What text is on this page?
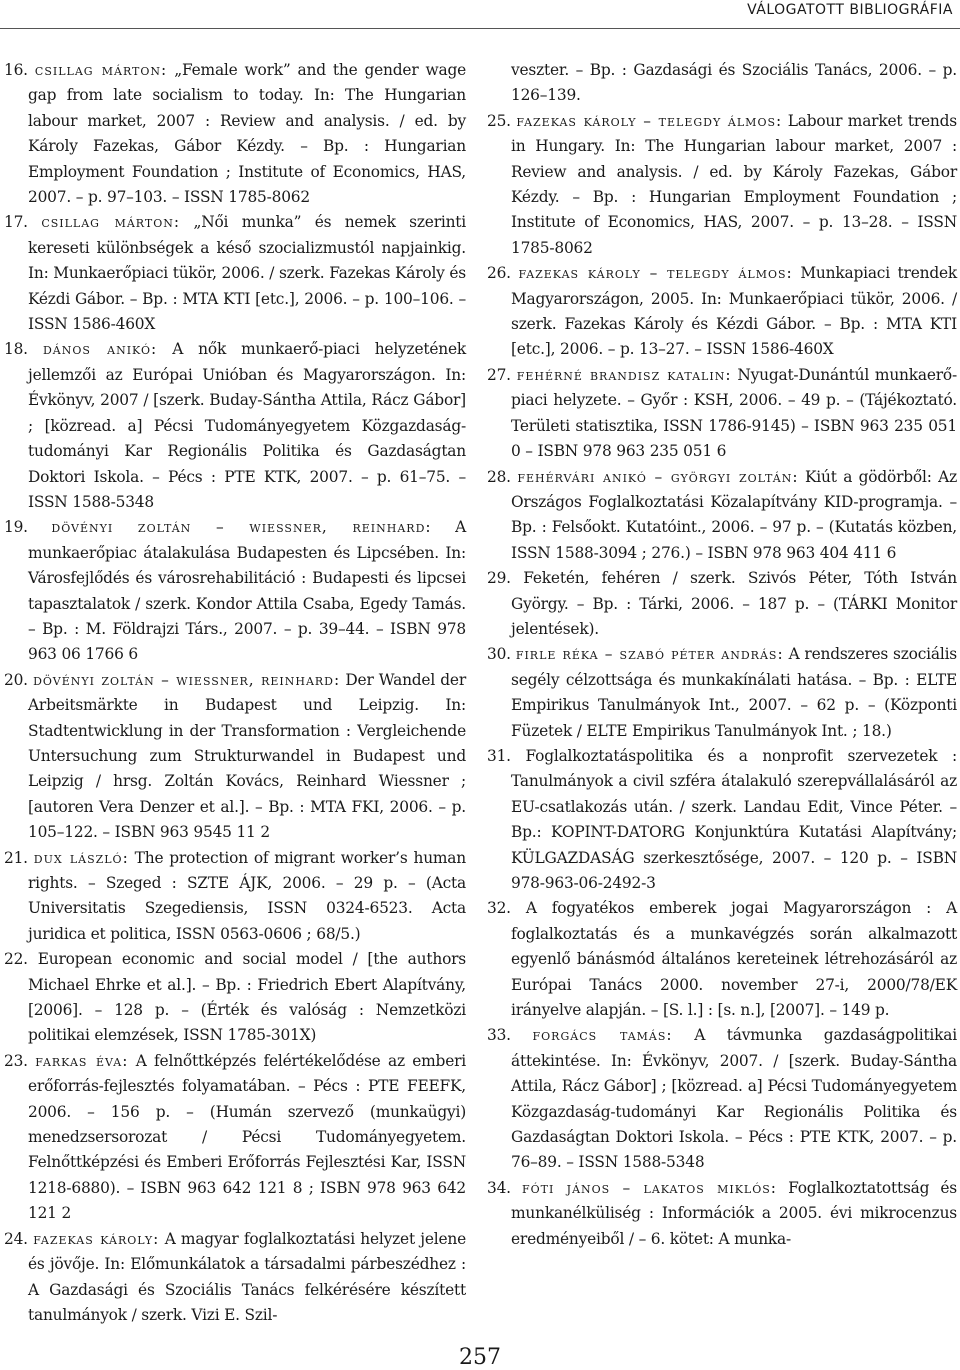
VÁLOGATOTT BIBLIOGRÁFIA

16. csillag márton: „Female work” and the gender wage gap from late socialism to today. In: The Hungarian labour market, 2007 : Review and analysis. / ed. by Károly Fazekas, Gábor Kézdy. – Bp. : Hungarian Employment Foundation ; Institute of Economics, HAS, 2007. – p. 97–103. – ISSN 1785-8062

17. csillag márton: „Női munka” és nemek szerinti kereseti különbségek a késő szocializmustól napjainkig. In: Munkaerőpiaci tükör, 2006. / szerk. Fazekas Károly és Kézdi Gábor. – Bp. : MTA KTI [etc.], 2006. – p. 100–106. – ISSN 1586-460X

18. dános anikó: A nők munkaerő-piaci helyzetének jellemzői az Európai Unióban és Magyarországon. In: Évkönyv, 2007 / [szerk. Buday-Sántha Attila, Rácz Gábor] ; [közread. a] Pécsi Tudományegyetem Közgazdaság-tudományi Kar Regionális Politika és Gazdaságtan Doktori Iskola. – Pécs : PTE KTK, 2007. – p. 61–75. – ISSN 1588-5348

19. dövényi zoltán – wiessner, reinhard: A munkaerőpiac átalakulása Budapesten és Lipcsében. In: Városfejlődés és városrehabilitáció : Budapesti és lipcsei tapasztalatok / szerk. Kondor Attila Csaba, Egedy Tamás. – Bp. : M. Földrajzi Társ., 2007. – p. 39–44. – ISBN 978 963 06 1766 6

20. dövényi zoltán – wiessner, reinhard: Der Wandel der Arbeitsmärkte in Budapest und Leipzig. In: Stadtentwicklung in der Transformation : Vergleichende Untersuchung zum Strukturwandel in Budapest und Leipzig / hrsg. Zoltán Kovács, Reinhard Wiessner ; [autoren Vera Denzer et al.]. – Bp. : MTA FKI, 2006. – p. 105–122. – ISBN 963 9545 11 2

21. dux lászló: The protection of migrant worker’s human rights. – Szeged : SZTE ÁJK, 2006. – 29 p. – (Acta Universitatis Szegediensis, ISSN 0324-6523. Acta juridica et politica, ISSN 0563-0606 ; 68/5.)

22. European economic and social model / [the authors Michael Ehrke et al.]. – Bp. : Friedrich Ebert Alapítvány, [2006]. – 128 p. – (Érték és valóság : Nemzetközi politikai elemzések, ISSN 1785-301X)

23. farkas éva: A felnőttképzés felértékelődése az emberi erőforrás-fejlesztés folyamatában. – Pécs : PTE FEEFK, 2006. – 156 p. – (Humán szervező (munkaügyi) menedzsersorozat / Pécsi Tudományegyetem. Felnőttképzési és Emberi Erőforrás Fejlesztési Kar, ISSN 1218-6880). – ISBN 963 642 121 8 ; ISBN 978 963 642 121 2

24. fazekas károly: A magyar foglalkoztatási helyzet jelene és jövője. In: Előmunkálatok a társadalmi párbeszédhez : A Gazdasági és Szociális Tanács felkérésére készített tanulmányok / szerk. Vizi E. Szil-

veszter. – Bp. : Gazdasági és Szociális Tanács, 2006. – p. 126–139.

25. fazekas károly – telegdy álmos: Labour market trends in Hungary. In: The Hungarian labour market, 2007 : Review and analysis. / ed. by Károly Fazekas, Gábor Kézdy. – Bp. : Hungarian Employment Foundation ; Institute of Economics, HAS, 2007. – p. 13–28. – ISSN 1785-8062

26. fazekas károly – telegdy álmos: Munkapiaci trendek Magyarországon, 2005. In: Munkaerőpiaci tükör, 2006. / szerk. Fazekas Károly és Kézdi Gábor. – Bp. : MTA KTI [etc.], 2006. – p. 13–27. – ISSN 1586-460X

27. fehérné brandisz katalin: Nyugat-Dunántúl munkaerő-piaci helyzete. – Győr : KSH, 2006. – 49 p. – (Tájékoztató. Területi statisztika, ISSN 1786-9145) – ISBN 963 235 051 0 – ISBN 978 963 235 051 6

28. fehérvári anikó – györgyi zoltán: Kiút a gödörből: Az Országos Foglalkoztatási Közalapítvány KID-programja. – Bp. : Felsőokt. Kutatóint., 2006. – 97 p. – (Kutatás közben, ISSN 1588-3094 ; 276.) – ISBN 978 963 404 411 6

29. Feketén, fehéren / szerk. Szivós Péter, Tóth István György. – Bp. : Tárki, 2006. – 187 p. – (TÁRKI Monitor jelentések).

30. firle réka – szabó péter andrás: A rendszeres szociális segély célzottsága és munkakínálati hatása. – Bp. : ELTE Empirikus Tanulmányok Int., 2007. – 62 p. – (Központi Füzetek / ELTE Empirikus Tanulmányok Int. ; 18.)

31. Foglalkoztatáspolitika és a nonprofit szervezetek : Tanulmányok a civil szféra átalakuló szerepvállalásáról az EU-csatlakozás után. / szerk. Landau Edit, Vince Péter. – Bp.: KOPINT-DATORG Konjunktúra Kutatási Alapítvány; KÜLGAZDASÁG szerkesztősége, 2007. – 120 p. – ISBN 978-963-06-2492-3

32. A fogyatékos emberek jogai Magyarországon : A foglalkoztatás és a munkavégzés során alkalmazott egyenlő bánásmód általános kereteinek létrehozásáról az Európai Tanács 2000. november 27-i, 2000/78/EK irányelve alapján. – [S. l.] : [s. n.], [2007]. – 149 p.

33. forgács tamás: A távmunka gazdaságpolitikai áttekintése. In: Évkönyv, 2007. / [szerk. Buday-Sántha Attila, Rácz Gábor] ; [közread. a] Pécsi Tudományegyetem Közgazdaság-tudományi Kar Regionális Politika és Gazdaságtan Doktori Iskola. – Pécs : PTE KTK, 2007. – p. 76–89. – ISSN 1588-5348

34. fóti jános – lakatos miklós: Foglalkoztatottság és munkanélküliség : Információk a 2005. évi mikrocenzus eredményeiből / – 6. kötet: A munka-

257
